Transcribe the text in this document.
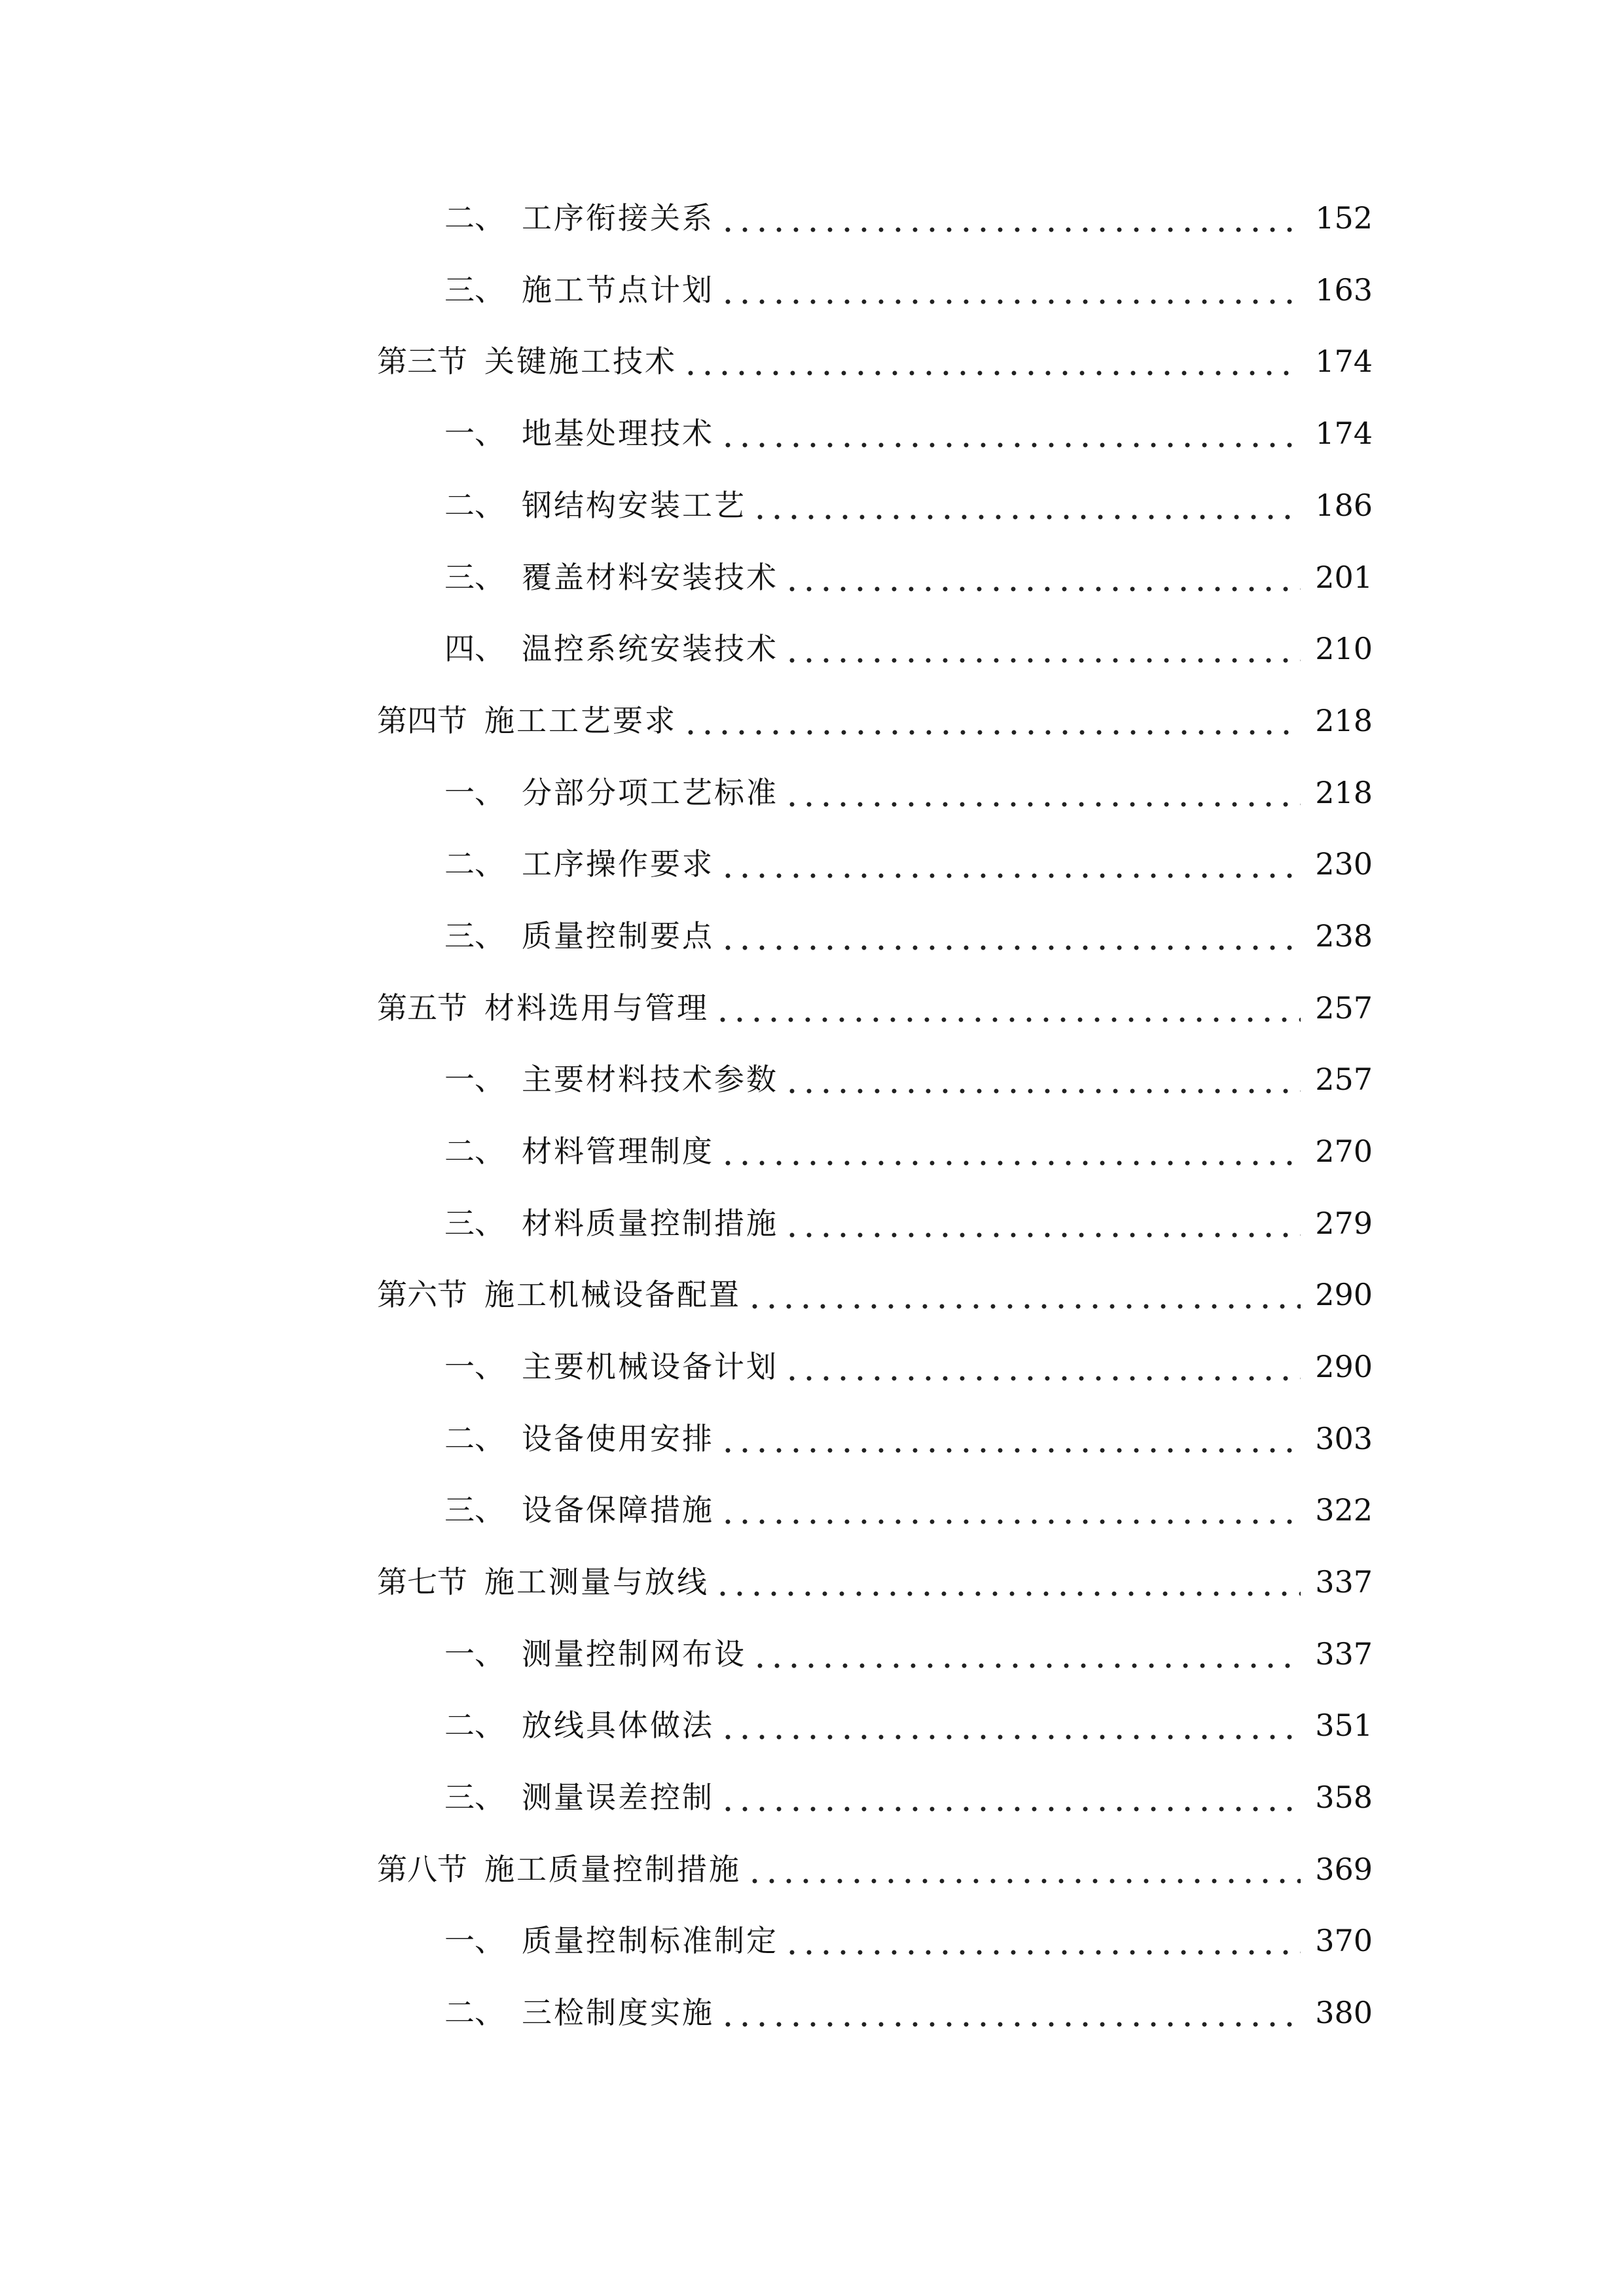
二、 工序衔接关系	152
三、 施工节点计划	163
第三节 关键施工技术	174
一、 地基处理技术	174
二、 钢结构安装工艺	186
三、 覆盖材料安装技术	201
四、 温控系统安装技术	210
第四节 施工工艺要求	218
一、 分部分项工艺标准	218
二、 工序操作要求	230
三、 质量控制要点	238
第五节 材料选用与管理	257
一、 主要材料技术参数	257
二、 材料管理制度	270
三、 材料质量控制措施	279
第六节 施工机械设备配置	290
一、 主要机械设备计划	290
二、 设备使用安排	303
三、 设备保障措施	322
第七节 施工测量与放线	337
一、 测量控制网布设	337
二、 放线具体做法	351
三、 测量误差控制	358
第八节 施工质量控制措施	369
一、 质量控制标准制定	370
二、 三检制度实施	380
